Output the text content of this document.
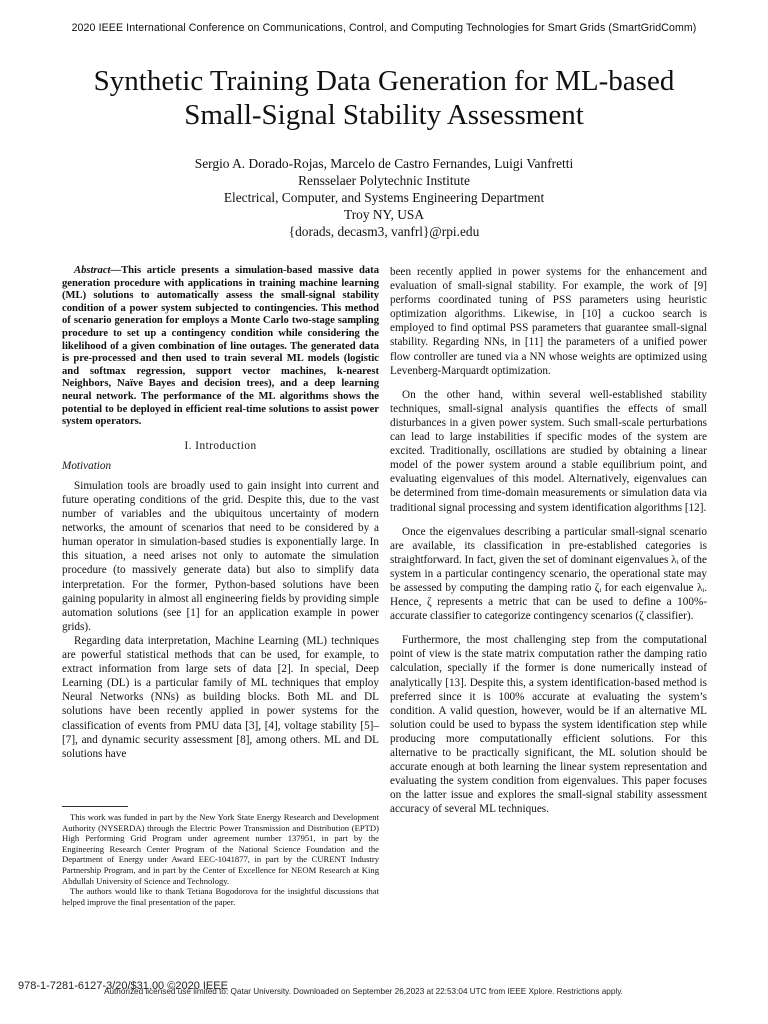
2020 IEEE International Conference on Communications, Control, and Computing Technologies for Smart Grids (SmartGridComm)
Synthetic Training Data Generation for ML-based
Small-Signal Stability Assessment
Sergio A. Dorado-Rojas, Marcelo de Castro Fernandes, Luigi Vanfretti
Rensselaer Polytechnic Institute
Electrical, Computer, and Systems Engineering Department
Troy NY, USA
{dorads, decasm3, vanfrl}@rpi.edu

Abstract—This article presents a simulation-based massive data generation procedure with applications in training machine learning (ML) solutions to automatically assess the small-signal stability condition of a power system subjected to contingencies. This method of scenario generation for employs a Monte Carlo two-stage sampling procedure to set up a contingency condition while considering the likelihood of a given combination of line outages. The generated data is pre-processed and then used to train several ML models (logistic and softmax regression, support vector machines, k-nearest Neighbors, Naïve Bayes and decision trees), and a deep learning neural network. The performance of the ML algorithms shows the potential to be deployed in efficient real-time solutions to assist power system operators.

I. Introduction
Motivation

Simulation tools are broadly used to gain insight into current and future operating conditions of the grid. Despite this, due to the vast number of variables and the ubiquitous uncertainty of modern networks, the amount of scenarios that need to be considered by a human operator in simulation-based studies is exponentially large. In this situation, a need arises not only to automate the simulation procedure (to massively generate data) but also to simplify data interpretation. For the former, Python-based solutions have been gaining popularity in almost all engineering fields by providing simple automation solutions (see [1] for an application example in power grids).

Regarding data interpretation, Machine Learning (ML) techniques are powerful statistical methods that can be used, for example, to extract information from large sets of data [2]. In special, Deep Learning (DL) is a particular family of ML techniques that employ Neural Networks (NNs) as building blocks. Both ML and DL solutions have been recently applied in power systems for the classification of events from PMU data [3], [4], voltage stability [5]–[7], and dynamic security assessment [8], among others. ML and DL solutions have

This work was funded in part by the New York State Energy Research and Development Authority (NYSERDA) through the Electric Power Transmission and Distribution (EPTD) High Performing Grid Program under agreement number 137951, in part by the Engineering Research Center Program of the National Science Foundation and the Department of Energy under Award EEC-1041877, in part by the CURENT Industry Partnership Program, and in part by the Center of Excellence for NEOM Research at King Abdullah University of Science and Technology.

The authors would like to thank Tetiana Bogodorova for the insightful discussions that helped improve the final presentation of the paper.

been recently applied in power systems for the enhancement and evaluation of small-signal stability. For example, the work of [9] performs coordinated tuning of PSS parameters using heuristic optimization algorithms. Likewise, in [10] a cuckoo search is employed to find optimal PSS parameters that guarantee small-signal stability. Regarding NNs, in [11] the parameters of a unified power flow controller are tuned via a NN whose weights are optimized using Levenberg-Marquardt optimization.

On the other hand, within several well-established stability techniques, small-signal analysis quantifies the effects of small disturbances in a given power system. Such small-scale perturbations can lead to large instabilities if specific modes of the system are excited. Traditionally, oscillations are studied by obtaining a linear model of the power system around a stable equilibrium point, and evaluating eigenvalues of this model. Alternatively, eigenvalues can be determined from time-domain measurements or simulation data via traditional signal processing and system identification algorithms [12].

Once the eigenvalues describing a particular small-signal scenario are available, its classification in pre-established categories is straightforward. In fact, given the set of dominant eigenvalues λᵢ of the system in a particular contingency scenario, the operational state may be assessed by computing the damping ratio ζᵢ for each eigenvalue λᵢ. Hence, ζ represents a metric that can be used to define a 100%-accurate classifier to categorize contingency scenarios (ζ classifier).

Furthermore, the most challenging step from the computational point of view is the state matrix computation rather the damping ratio calculation, specially if the former is done numerically instead of analytically [13]. Despite this, a system identification-based method is preferred since it is 100% accurate at evaluating the system’s condition. A valid question, however, would be if an alternative ML solution could be used to bypass the system identification step while producing more computationally efficient solutions. For this alternative to be practically significant, the ML solution should be accurate enough at both learning the linear system representation and evaluating the system condition from eigenvalues. This paper focuses on the latter issue and explores the small-signal stability assessment accuracy of several ML techniques.

978-1-7281-6127-3/20/$31.00 ©2020 IEEE
Authorized licensed use limited to: Qatar University. Downloaded on September 26,2023 at 22:53:04 UTC from IEEE Xplore. Restrictions apply.
